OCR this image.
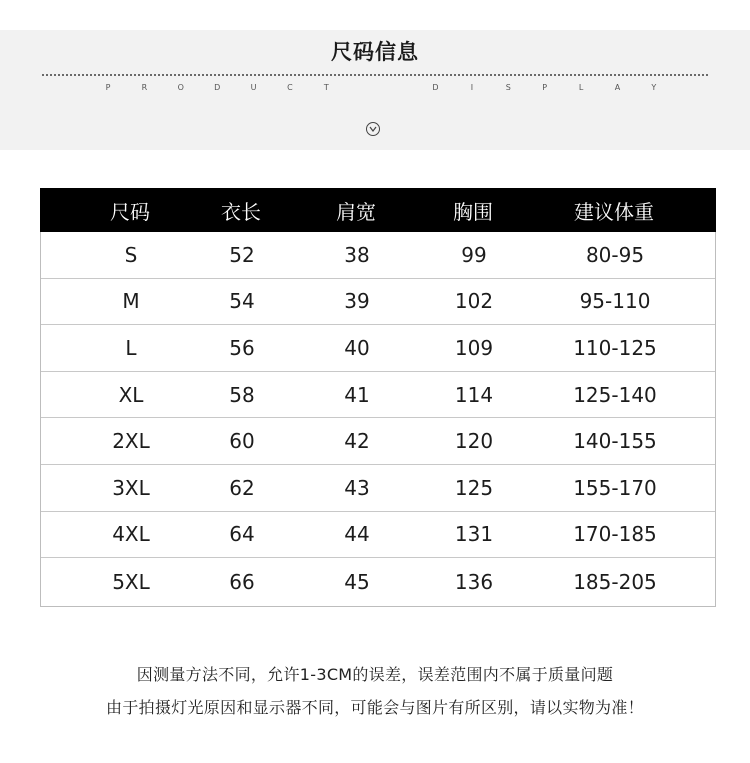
尺码信息
P	R	O	D	U	C	T	D	I	S	P	L	A	Y
尺码	衣长	肩宽	胸围	建议体重
S	52	38	99	80-95
M	54	39	102	95-110
L	56	40	109	110-125
XL	58	41	114	125-140
2XL	60	42	120	140-155
3XL	62	43	125	155-170
4XL	64	44	131	170-185
5XL	66	45	136	185-205
因测量方法不同，允许1-3CM的误差，误差范围内不属于质量问题
由于拍摄灯光原因和显示器不同，可能会与图片有所区别，请以实物为准！
